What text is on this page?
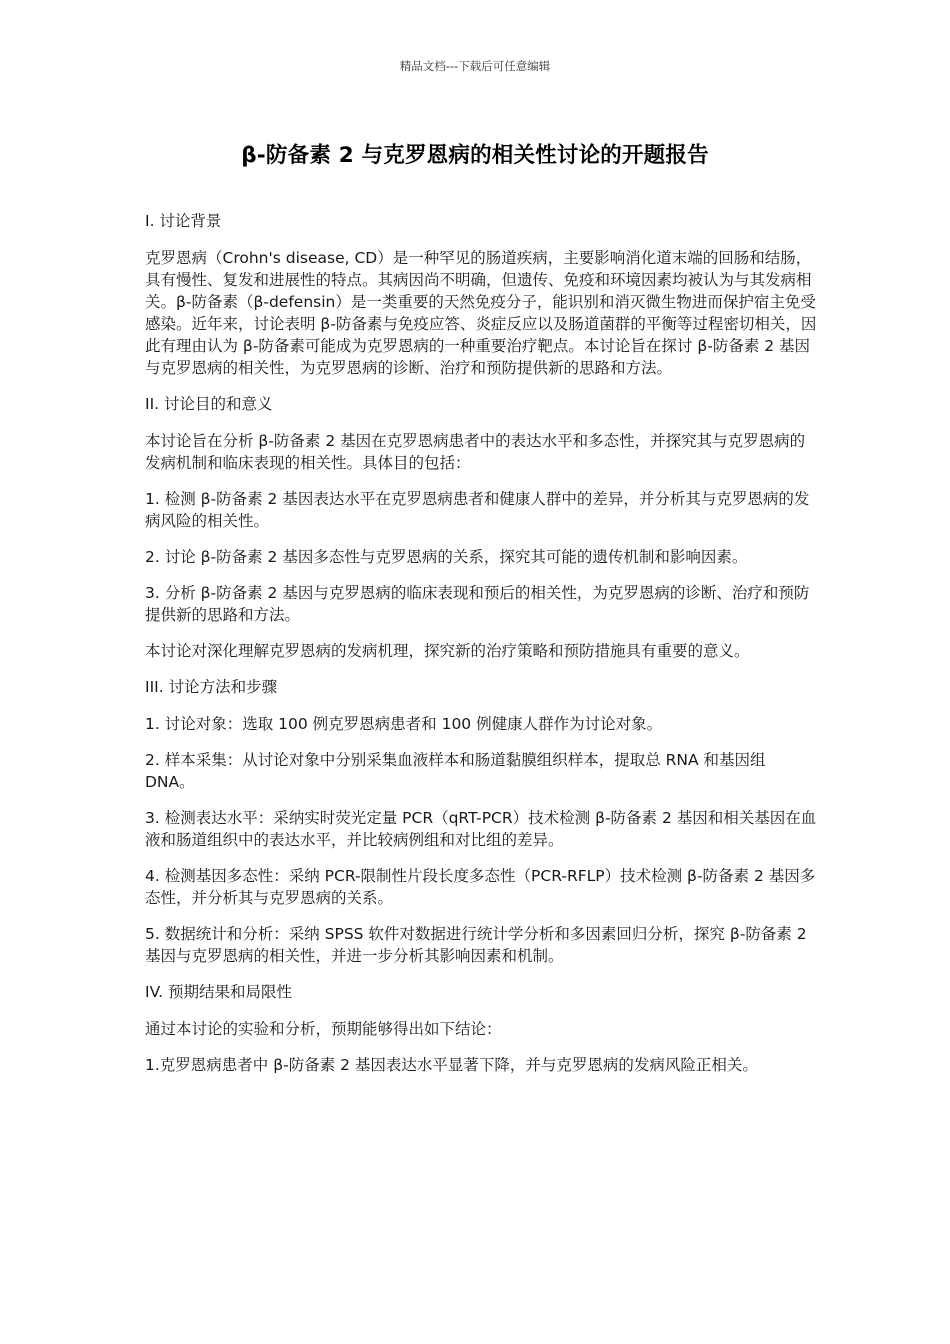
精品文档---下载后可任意编辑
β-防备素 2 与克罗恩病的相关性讨论的开题报告

I. 讨论背景

克罗恩病（Crohn's disease, CD）是一种罕见的肠道疾病，主要影响消化道末端的回肠和结肠，具有慢性、复发和进展性的特点。其病因尚不明确，但遗传、免疫和环境因素均被认为与其发病相关。β-防备素（β-defensin）是一类重要的天然免疫分子，能识别和消灭微生物进而保护宿主免受感染。近年来，讨论表明 β-防备素与免疫应答、炎症反应以及肠道菌群的平衡等过程密切相关，因此有理由认为 β-防备素可能成为克罗恩病的一种重要治疗靶点。本讨论旨在探讨 β-防备素 2 基因与克罗恩病的相关性，为克罗恩病的诊断、治疗和预防提供新的思路和方法。

II. 讨论目的和意义

本讨论旨在分析 β-防备素 2 基因在克罗恩病患者中的表达水平和多态性，并探究其与克罗恩病的发病机制和临床表现的相关性。具体目的包括：

1. 检测 β-防备素 2 基因表达水平在克罗恩病患者和健康人群中的差异，并分析其与克罗恩病的发病风险的相关性。

2. 讨论 β-防备素 2 基因多态性与克罗恩病的关系，探究其可能的遗传机制和影响因素。

3. 分析 β-防备素 2 基因与克罗恩病的临床表现和预后的相关性，为克罗恩病的诊断、治疗和预防提供新的思路和方法。

本讨论对深化理解克罗恩病的发病机理，探究新的治疗策略和预防措施具有重要的意义。

III. 讨论方法和步骤

1. 讨论对象：选取 100 例克罗恩病患者和 100 例健康人群作为讨论对象。

2. 样本采集：从讨论对象中分别采集血液样本和肠道黏膜组织样本，提取总 RNA 和基因组 DNA。

3. 检测表达水平：采纳实时荧光定量 PCR（qRT-PCR）技术检测 β-防备素 2 基因和相关基因在血液和肠道组织中的表达水平，并比较病例组和对比组的差异。

4. 检测基因多态性：采纳 PCR-限制性片段长度多态性（PCR-RFLP）技术检测 β-防备素 2 基因多态性，并分析其与克罗恩病的关系。

5. 数据统计和分析：采纳 SPSS 软件对数据进行统计学分析和多因素回归分析，探究 β-防备素 2 基因与克罗恩病的相关性，并进一步分析其影响因素和机制。

IV. 预期结果和局限性

通过本讨论的实验和分析，预期能够得出如下结论：

1.克罗恩病患者中 β-防备素 2 基因表达水平显著下降，并与克罗恩病的发病风险正相关。
